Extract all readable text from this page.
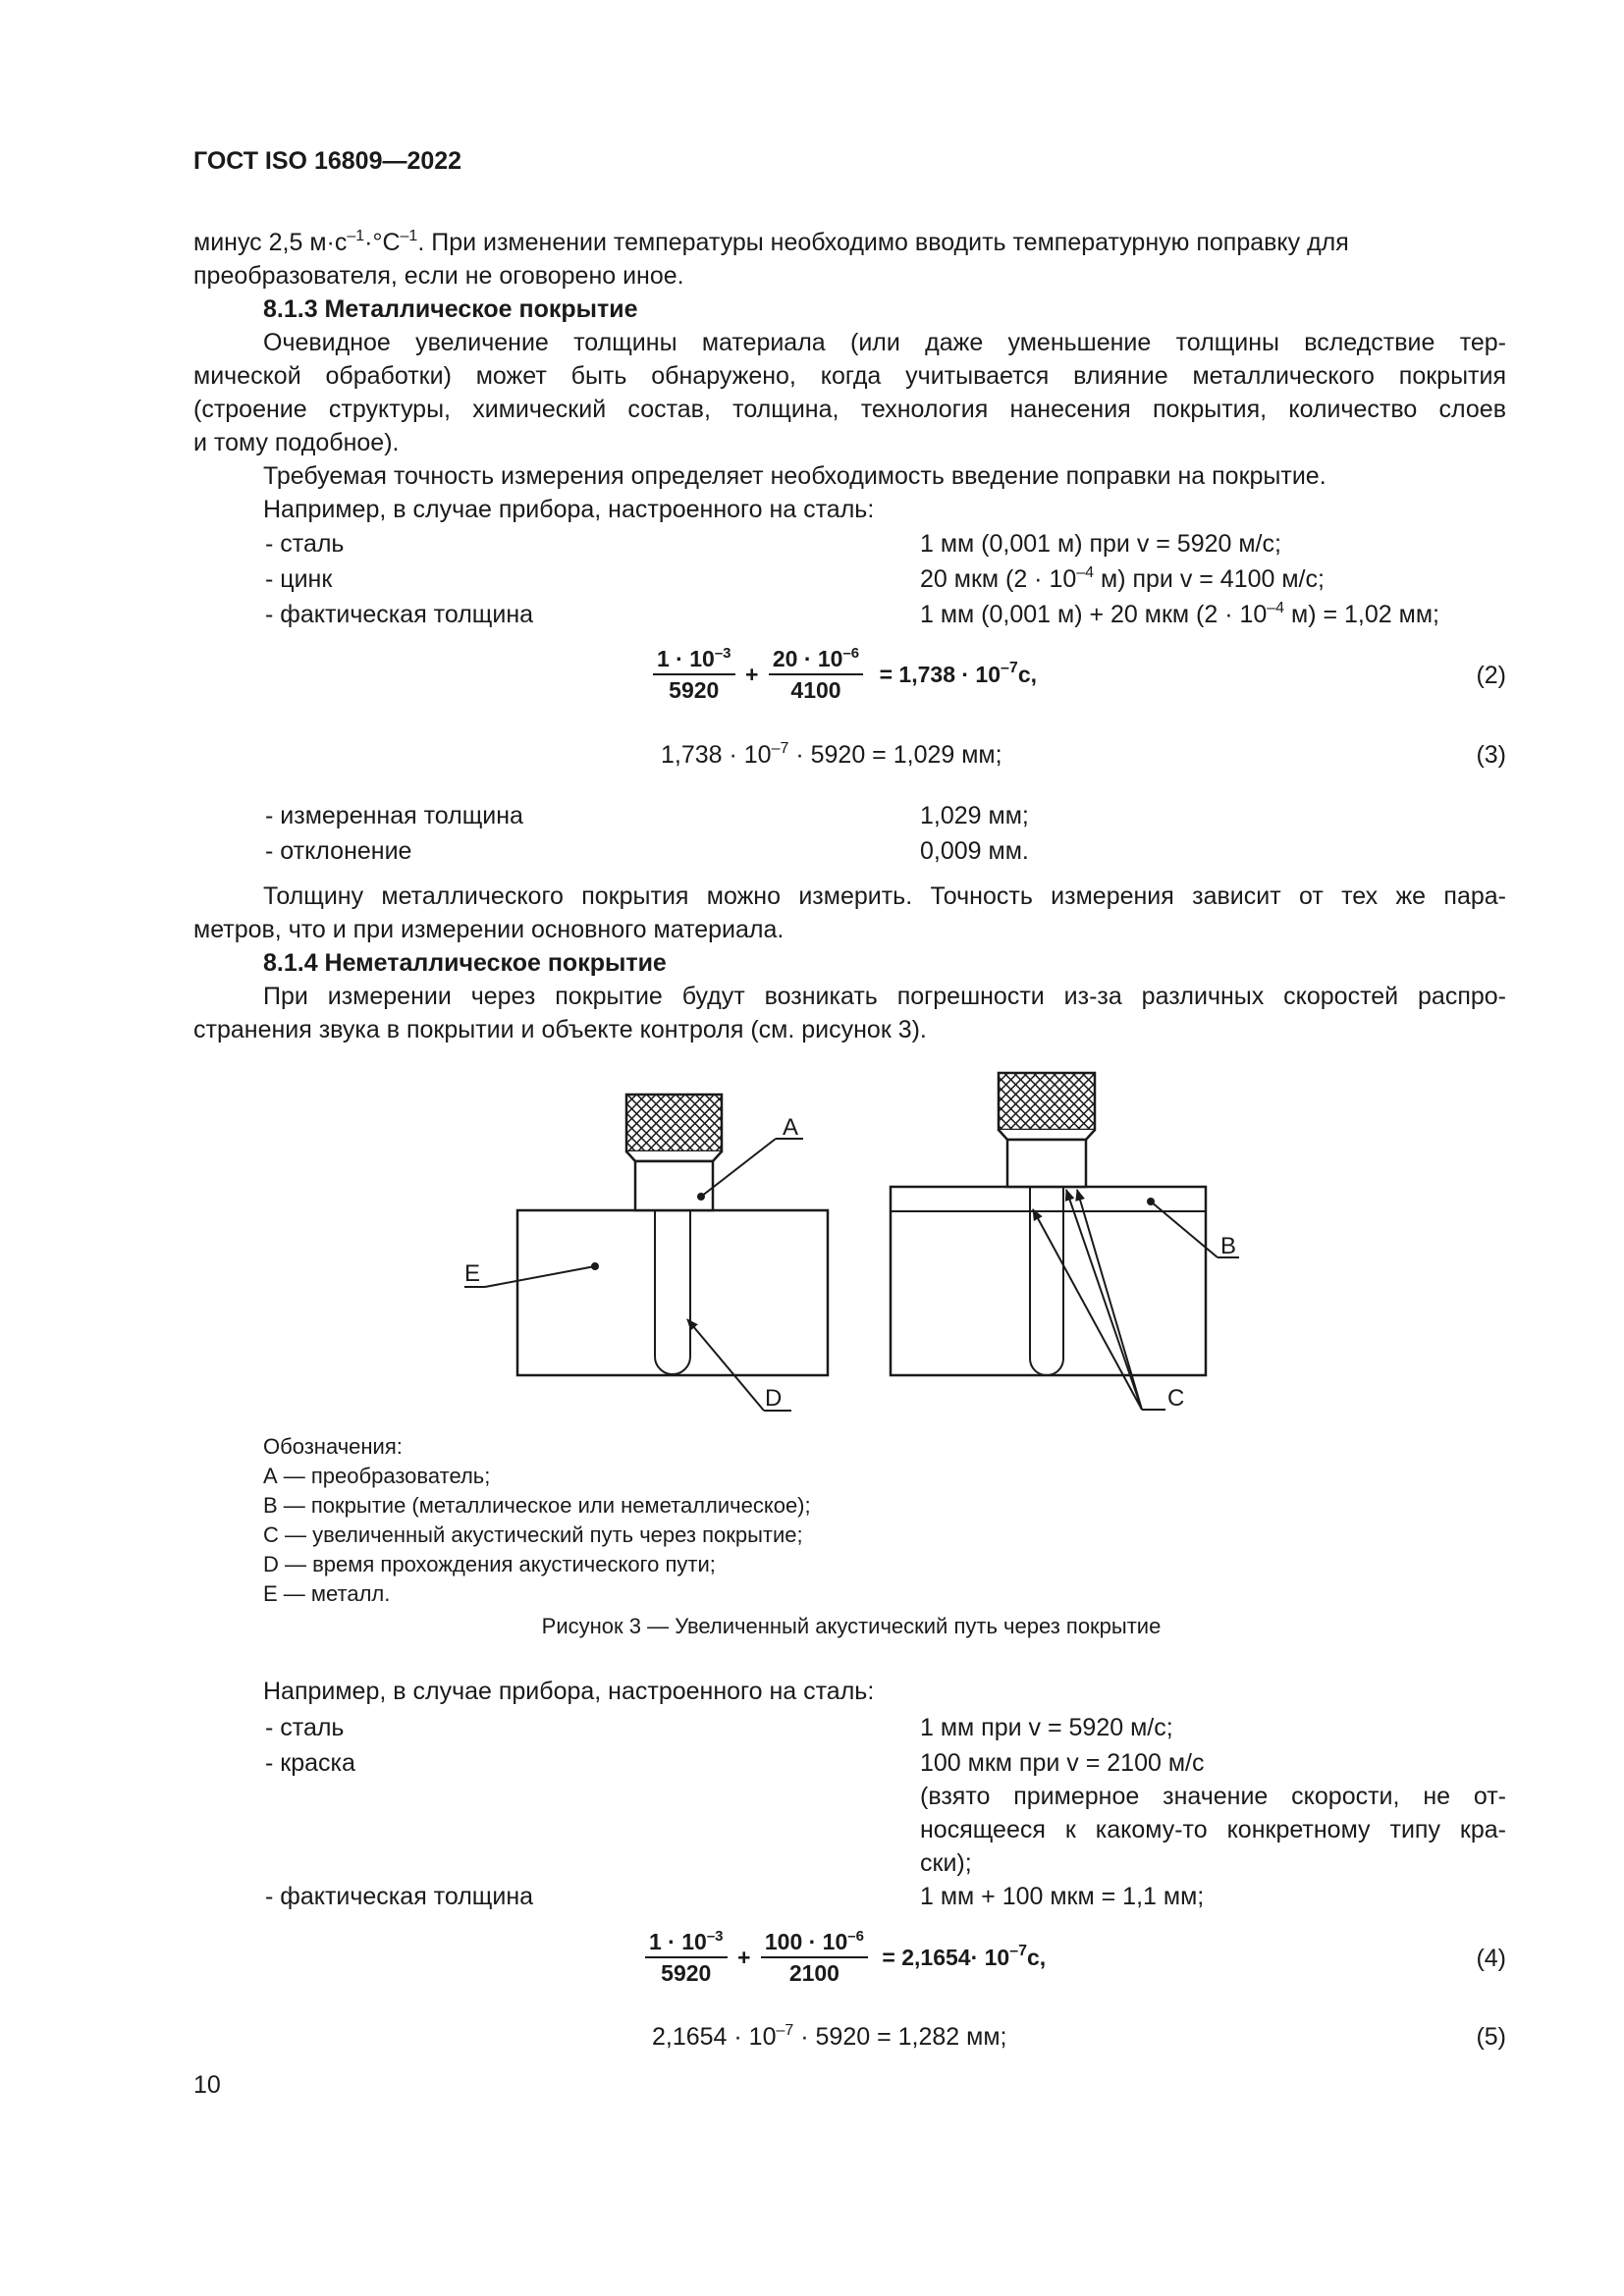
ГОСТ ISO 16809—2022
минус 2,5 $м\cdot с^{-1}\cdot^\circ С^{-1}$. При изменении температуры необходимо вводить температурную поправку для
преобразователя, если не оговорено иное.
8.1.3 Металлическое покрытие
Очевидное увеличение толщины материала (или даже уменьшение толщины вследствие тер-
мической обработки) может быть обнаружено, когда учитывается влияние металлического покрытия
(строение структуры, химический состав, толщина, технология нанесения покрытия, количество слоев
и тому подобное).
Требуемая точность измерения определяет необходимость введение поправки на покрытие.
Например, в случае прибора, настроенного на сталь:
- сталь	1 мм (0,001 м) при v = 5920 м/с;
- цинк	20 мкм ($2 \cdot 10^{-4}$ м) при v = 4100 м/с;
- фактическая толщина	1 мм (0,001 м) + 20 мкм ($2 \cdot 10^{-4}$ м) = 1,02 мм;
$\frac{1 \cdot 10^{-3}}{5920} + \frac{20 \cdot 10^{-6}}{4100} = 1,738 \cdot 10^{-7}с$,	(2)
$1,738 \cdot 10^{-7} \cdot 5920 = 1,029$ мм;	(3)
- измеренная толщина	1,029 мм;
- отклонение	0,009 мм.
Толщину металлического покрытия можно измерить. Точность измерения зависит от тех же пара-
метров, что и при измерении основного материала.
8.1.4 Неметаллическое покрытие
При измерении через покрытие будут возникать погрешности из-за различных скоростей распро-
странения звука в покрытии и объекте контроля (см. рисунок 3).
A
E
D
B
C
Обозначения:
А — преобразователь;
В — покрытие (металлическое или неметаллическое);
С — увеличенный акустический путь через покрытие;
D — время прохождения акустического пути;
Е — металл.
Рисунок 3 — Увеличенный акустический путь через покрытие
Например, в случае прибора, настроенного на сталь:
- сталь	1 мм при v = 5920 м/с;
- краска	100 мкм при v = 2100 м/с
(взято примерное значение скорости, не от-
носящееся к какому-то конкретному типу кра-
ски);
- фактическая толщина	1 мм + 100 мкм = 1,1 мм;
$\frac{1 \cdot 10^{-3}}{5920} + \frac{100 \cdot 10^{-6}}{2100} = 2,1654\cdot 10^{-7}с$,	(4)
$2,1654 \cdot 10^{-7} \cdot 5920 = 1,282$ мм;	(5)
10
